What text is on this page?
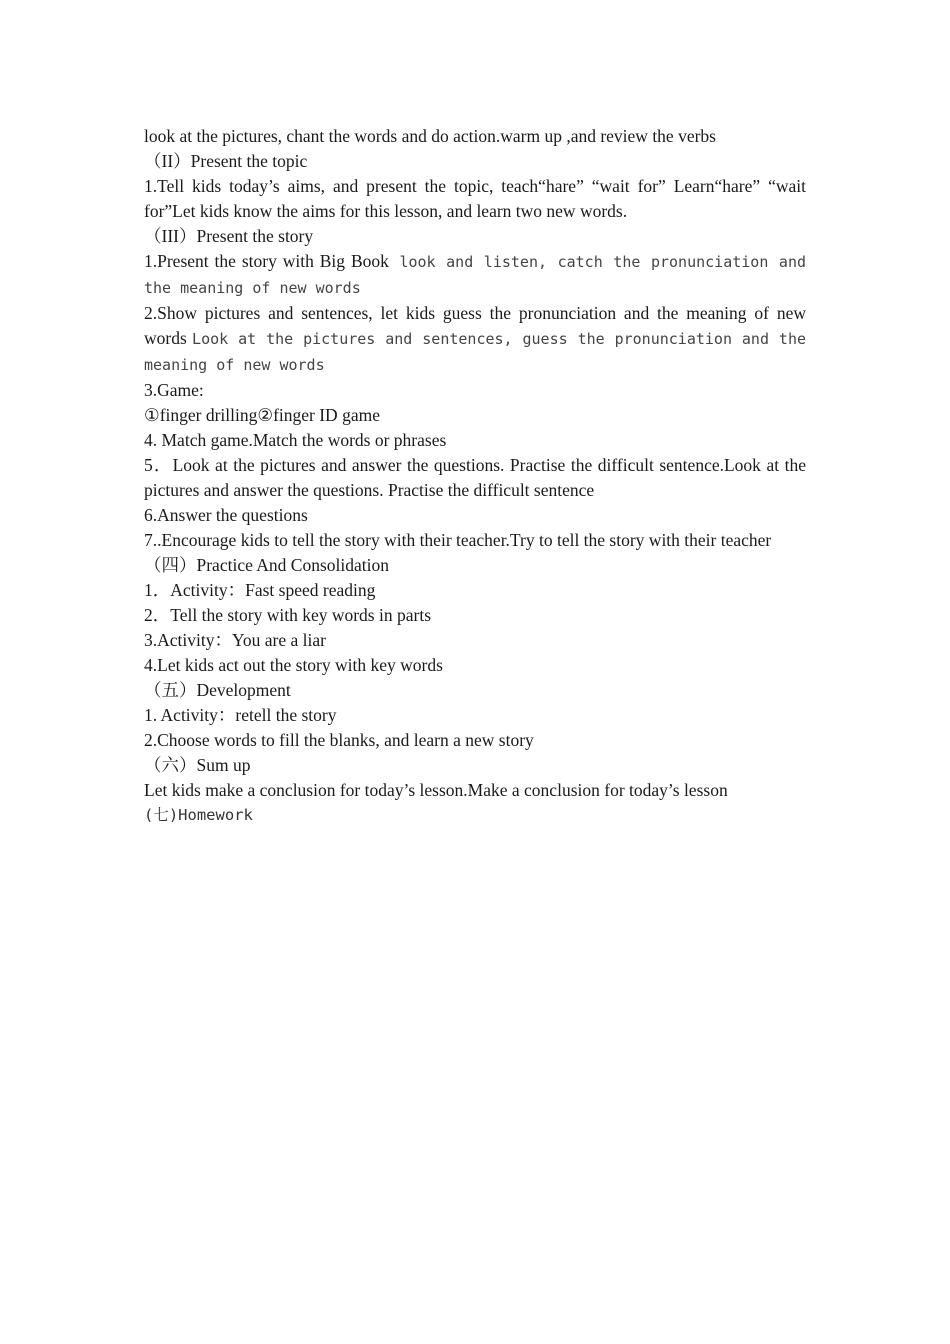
look at the pictures, chant the words and do action.warm up ,and review the verbs

（II）Present the topic

1.Tell kids today’s aims, and present the topic, teach“hare” “wait for” Learn“hare” “wait for”Let kids know the aims for this lesson, and learn two new words.

（III）Present the story

1.Present the story with Big Book look and listen, catch the pronunciation and the meaning of new words

2.Show pictures and sentences, let kids guess the pronunciation and the meaning of new words Look at the pictures and sentences, guess the pronunciation and the meaning of new words

3.Game:

①finger drilling②finger ID game

4. Match game.Match the words or phrases

5．Look at the pictures and answer the questions. Practise the difficult sentence.Look at the pictures and answer the questions. Practise the difficult sentence

6.Answer the questions

7..Encourage kids to tell the story with their teacher.Try to tell the story with their teacher

（四）Practice And Consolidation

1．Activity：Fast speed reading

2．Tell the story with key words in parts

3.Activity：You are a liar

4.Let kids act out the story with key words

（五）Development

1. Activity：retell the story

2.Choose words to fill the blanks, and learn a new story

（六）Sum up

Let kids make a conclusion for today’s lesson.Make a conclusion for today’s lesson

(七)Homework
